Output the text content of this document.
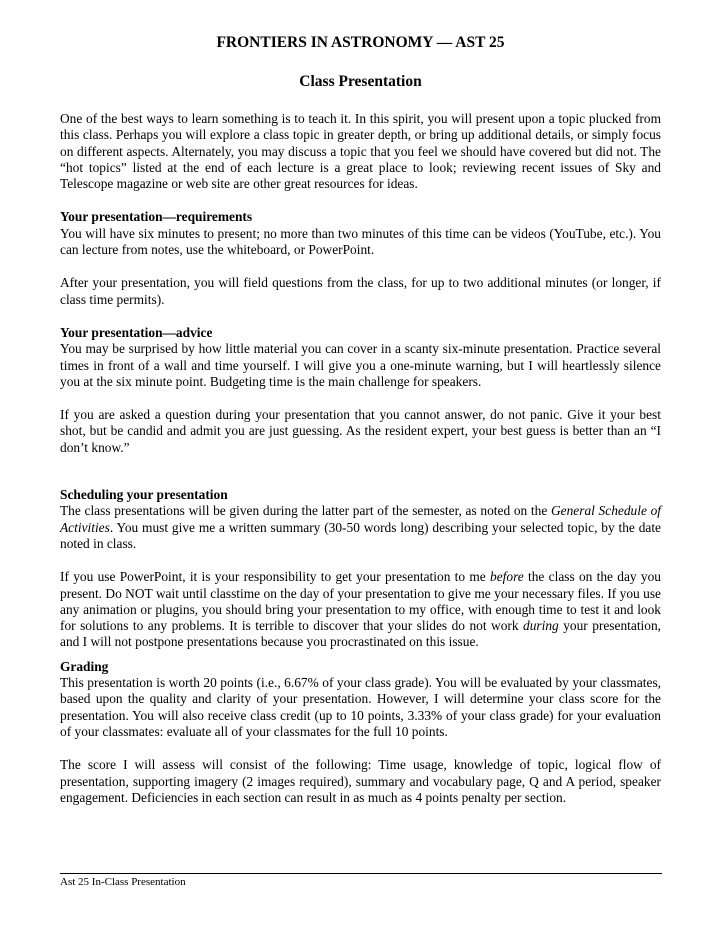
FRONTIERS IN ASTRONOMY — AST 25

Class Presentation

One of the best ways to learn something is to teach it. In this spirit, you will present upon a topic plucked from this class. Perhaps you will explore a class topic in greater depth, or bring up additional details, or simply focus on different aspects. Alternately, you may discuss a topic that you feel we should have covered but did not. The “hot topics” listed at the end of each lecture is a great place to look; reviewing recent issues of Sky and Telescope magazine or web site are other great resources for ideas.

Your presentation—requirements

You will have six minutes to present; no more than two minutes of this time can be videos (YouTube, etc.). You can lecture from notes, use the whiteboard, or PowerPoint.

After your presentation, you will field questions from the class, for up to two additional minutes (or longer, if class time permits).

Your presentation—advice

You may be surprised by how little material you can cover in a scanty six-minute presentation. Practice several times in front of a wall and time yourself. I will give you a one-minute warning, but I will heartlessly silence you at the six minute point. Budgeting time is the main challenge for speakers.

If you are asked a question during your presentation that you cannot answer, do not panic. Give it your best shot, but be candid and admit you are just guessing. As the resident expert, your best guess is better than an “I don’t know.”

Scheduling your presentation

The class presentations will be given during the latter part of the semester, as noted on the General Schedule of Activities. You must give me a written summary (30-50 words long) describing your selected topic, by the date noted in class.

If you use PowerPoint, it is your responsibility to get your presentation to me before the class on the day you present. Do NOT wait until classtime on the day of your presentation to give me your necessary files. If you use any animation or plugins, you should bring your presentation to my office, with enough time to test it and look for solutions to any problems. It is terrible to discover that your slides do not work during your presentation, and I will not postpone presentations because you procrastinated on this issue.

Grading

This presentation is worth 20 points (i.e., 6.67% of your class grade). You will be evaluated by your classmates, based upon the quality and clarity of your presentation. However, I will determine your class score for the presentation. You will also receive class credit (up to 10 points, 3.33% of your class grade) for your evaluation of your classmates: evaluate all of your classmates for the full 10 points.

The score I will assess will consist of the following: Time usage, knowledge of topic, logical flow of presentation, supporting imagery (2 images required), summary and vocabulary page, Q and A period, speaker engagement. Deficiencies in each section can result in as much as 4 points penalty per section.

Ast 25 In-Class Presentation
